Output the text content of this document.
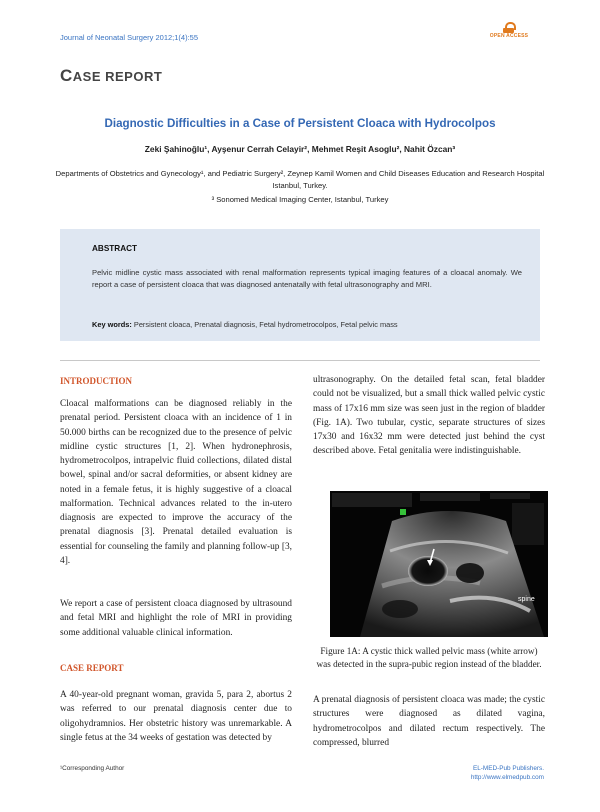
Journal of Neonatal Surgery 2012;1(4):55	OPEN ACCESS
CASE REPORT
Diagnostic Difficulties in a Case of Persistent Cloaca with Hydrocolpos
Zeki Şahinoğlu¹, Ayşenur Cerrah Celayir², Mehmet Reşit Asoglu², Nahit Özcan³
Departments of Obstetrics and Gynecology¹, and Pediatric Surgery², Zeynep Kamil Women and Child Diseases Education and Research Hospital Istanbul, Turkey.
³ Sonomed Medical Imaging Center, Istanbul, Turkey
ABSTRACT
Pelvic midline cystic mass associated with renal malformation represents typical imaging features of a cloacal anomaly. We report a case of persistent cloaca that was diagnosed antenatally with fetal ultrasonography and MRI.
Key words: Persistent cloaca, Prenatal diagnosis, Fetal hydrometrocolpos, Fetal pelvic mass
INTRODUCTION
Cloacal malformations can be diagnosed reliably in the prenatal period. Persistent cloaca with an incidence of 1 in 50.000 births can be recognized due to the presence of pelvic midline cystic structures [1, 2]. When hydronephrosis, hydrometrocolpos, intrapelvic fluid collections, dilated distal bowel, spinal and/or sacral deformities, or absent kidney are noted in a female fetus, it is highly suggestive of a cloacal malformation. Technical advances related to the in-utero diagnosis are expected to improve the accuracy of the prenatal diagnosis [3]. Prenatal detailed evaluation is essential for counseling the family and planning follow-up [3, 4].
We report a case of persistent cloaca diagnosed by ultrasound and fetal MRI and highlight the role of MRI in providing some additional valuable clinical information.
CASE REPORT
A 40-year-old pregnant woman, gravida 5, para 2, abortus 2 was referred to our prenatal diagnosis center due to oligohydramnios. Her obstetric history was unremarkable. A single fetus at the 34 weeks of gestation was detected by
ultrasonography. On the detailed fetal scan, fetal bladder could not be visualized, but a small thick walled pelvic cystic mass of 17x16 mm size was seen just in the region of bladder (Fig. 1A). Two tubular, cystic, separate structures of sizes 17x30 and 16x32 mm were detected just behind the cyst described above. Fetal genitalia were indistinguishable.
spine
Figure 1A: A cystic thick walled pelvic mass (white arrow) was detected in the supra-pubic region instead of the bladder.
A prenatal diagnosis of persistent cloaca was made; the cystic structures were diagnosed as dilated vagina, hydrometrocolpos and dilated rectum respectively. The compressed, blurred
¹Corresponding Author	EL-MED-Pub Publishers.
http://www.elmedpub.com
